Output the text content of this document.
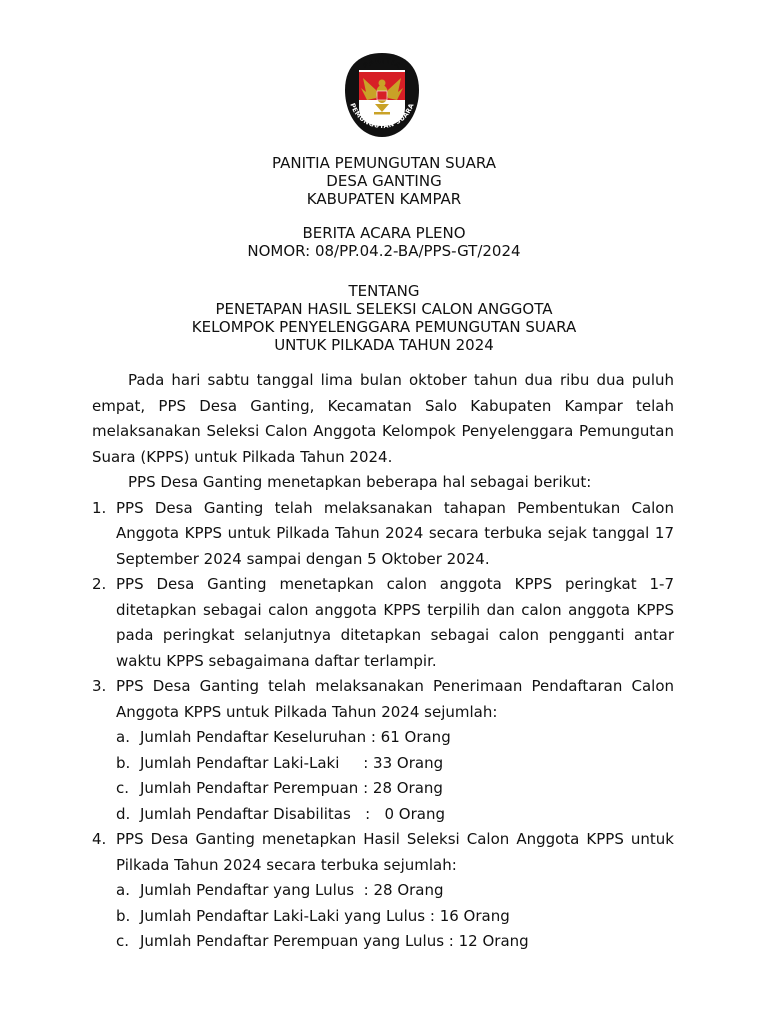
PANITIA
PEMUNGUTAN SUARA
PANITIA PEMUNGUTAN SUARA
DESA GANTING
KABUPATEN KAMPAR
BERITA ACARA PLENO
NOMOR: 08/PP.04.2-BA/PPS-GT/2024
TENTANG
PENETAPAN HASIL SELEKSI CALON ANGGOTA
KELOMPOK PENYELENGGARA PEMUNGUTAN SUARA
UNTUK PILKADA TAHUN 2024
Pada hari sabtu tanggal lima bulan oktober tahun dua ribu dua puluh empat, PPS Desa Ganting, Kecamatan Salo Kabupaten Kampar telah melaksanakan Seleksi Calon Anggota Kelompok Penyelenggara Pemungutan Suara (KPPS) untuk Pilkada Tahun 2024.
PPS Desa Ganting menetapkan beberapa hal sebagai berikut:
1. PPS Desa Ganting telah melaksanakan tahapan Pembentukan Calon Anggota KPPS untuk Pilkada Tahun 2024 secara terbuka sejak tanggal 17 September 2024 sampai dengan 5 Oktober 2024.
2. PPS Desa Ganting menetapkan calon anggota KPPS peringkat 1-7 ditetapkan sebagai calon anggota KPPS terpilih dan calon anggota KPPS pada peringkat selanjutnya ditetapkan sebagai calon pengganti antar waktu KPPS sebagaimana daftar terlampir.
3. PPS Desa Ganting telah melaksanakan Penerimaan Pendaftaran Calon Anggota KPPS untuk Pilkada Tahun 2024 sejumlah:
a. Jumlah Pendaftar Keseluruhan : 61 Orang
b. Jumlah Pendaftar Laki-Laki     : 33 Orang
c. Jumlah Pendaftar Perempuan : 28 Orang
d. Jumlah Pendaftar Disabilitas   :   0 Orang
4. PPS Desa Ganting menetapkan Hasil Seleksi Calon Anggota KPPS untuk Pilkada Tahun 2024 secara terbuka sejumlah:
a. Jumlah Pendaftar yang Lulus  : 28 Orang
b. Jumlah Pendaftar Laki-Laki yang Lulus : 16 Orang
c. Jumlah Pendaftar Perempuan yang Lulus : 12 Orang
